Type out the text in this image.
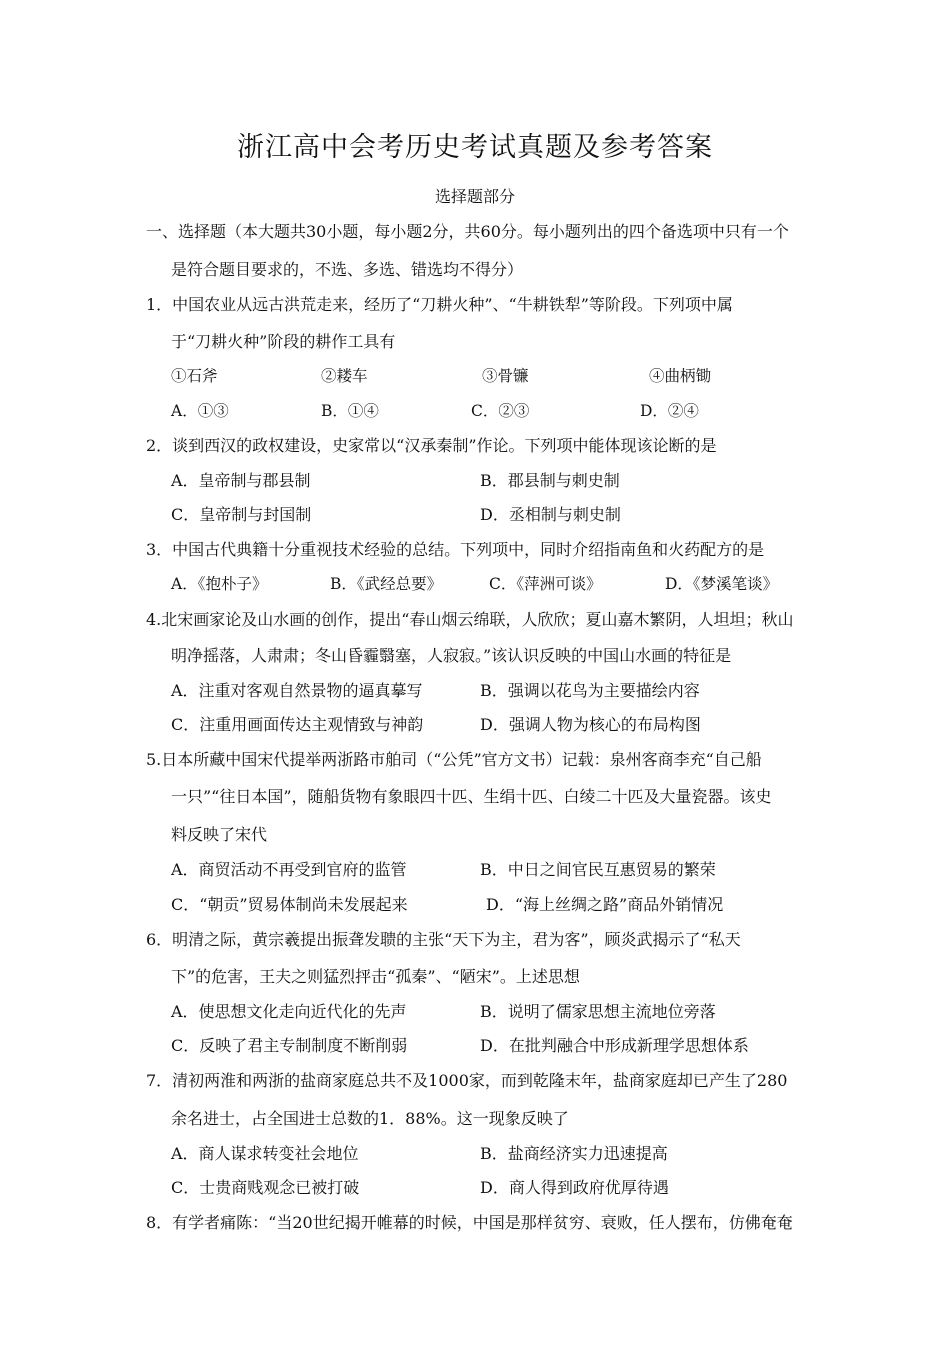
浙江高中会考历史考试真题及参考答案
选择题部分
一、选择题（本大题共30小题，每小题2分，共60分。每小题列出的四个备选项中只有一个
是符合题目要求的，不选、多选、错选均不得分）
1．中国农业从远古洪荒走来，经历了“刀耕火种”、“牛耕铁犁”等阶段。下列项中属
于“刀耕火种”阶段的耕作工具有
①石斧	②耧车	③骨镰	④曲柄锄
A．①③	B．①④	C．②③	D．②④
2．谈到西汉的政权建设，史家常以“汉承秦制”作论。下列项中能体现该论断的是
A．皇帝制与郡县制	B．郡县制与刺史制
C．皇帝制与封国制	D．丞相制与刺史制
3．中国古代典籍十分重视技术经验的总结。下列项中，同时介绍指南鱼和火药配方的是
A．《抱朴子》	B．《武经总要》	C．《萍洲可谈》	D．《梦溪笔谈》
4.北宋画家论及山水画的创作，提出“春山烟云绵联，人欣欣；夏山嘉木繁阴，人坦坦；秋山
明净摇落，人肃肃；冬山昏霾翳塞，人寂寂。”该认识反映的中国山水画的特征是
A．注重对客观自然景物的逼真摹写	B．强调以花鸟为主要描绘内容
C．注重用画面传达主观情致与神韵	D．强调人物为核心的布局构图
5.日本所藏中国宋代提举两浙路市舶司（“公凭”官方文书）记载：泉州客商李充“自己船
一只”“往日本国”，随船货物有象眼四十匹、生绢十匹、白绫二十匹及大量瓷器。该史
料反映了宋代
A．商贸活动不再受到官府的监管	B．中日之间官民互惠贸易的繁荣
C．“朝贡”贸易体制尚未发展起来	D．“海上丝绸之路”商品外销情况
6．明清之际，黄宗羲提出振聋发聩的主张“天下为主，君为客”，顾炎武揭示了“私天
下”的危害，王夫之则猛烈抨击“孤秦”、“陋宋”。上述思想
A．使思想文化走向近代化的先声	B．说明了儒家思想主流地位旁落
C．反映了君主专制制度不断削弱	D．在批判融合中形成新理学思想体系
7．清初两淮和两浙的盐商家庭总共不及1000家，而到乾隆末年，盐商家庭却已产生了280
余名进士，占全国进士总数的1．88%。这一现象反映了
A．商人谋求转变社会地位	B．盐商经济实力迅速提高
C．士贵商贱观念已被打破	D．商人得到政府优厚待遇
8．有学者痛陈：“当20世纪揭开帷幕的时候，中国是那样贫穷、衰败，任人摆布，仿佛奄奄
